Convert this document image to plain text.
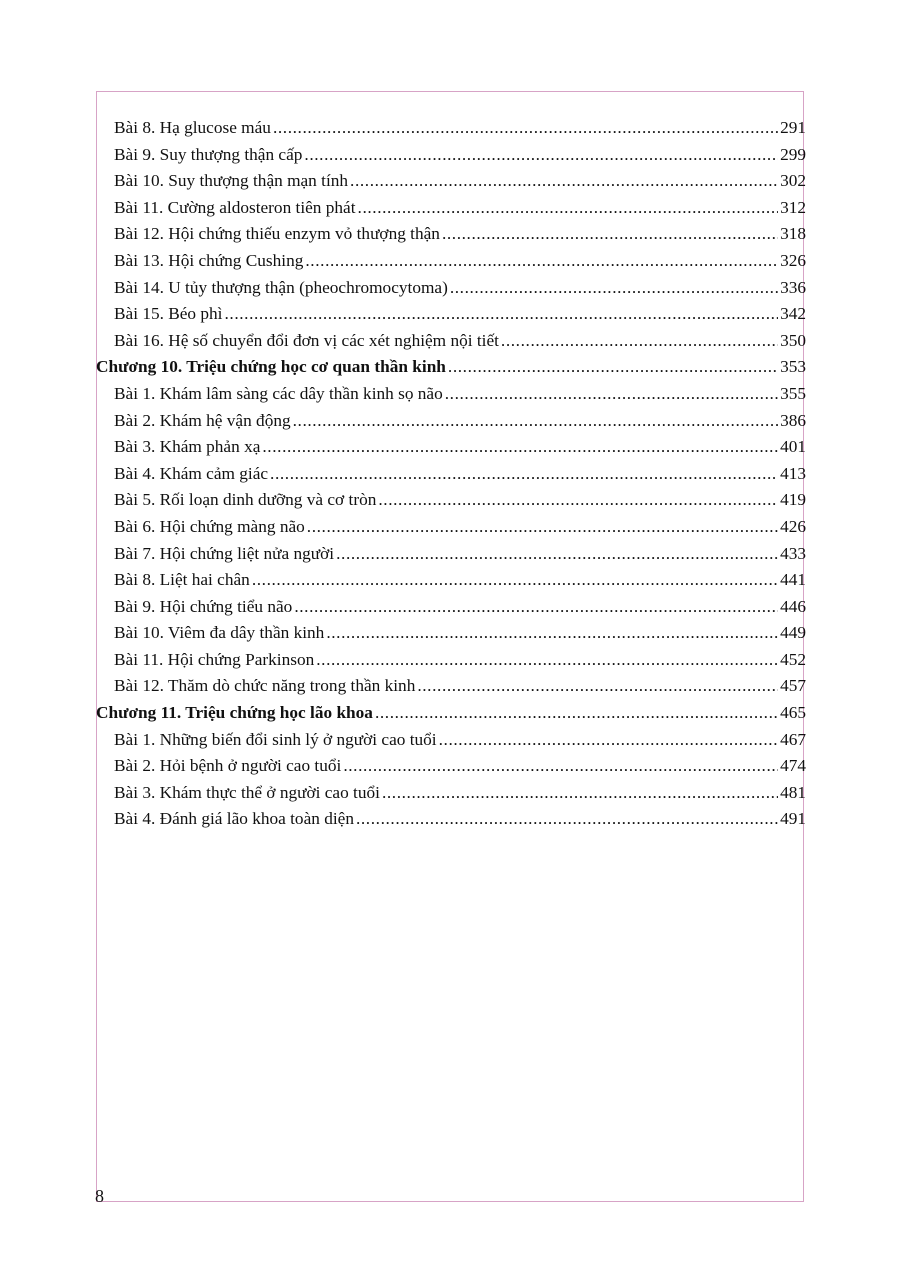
Bài 8. Hạ glucose máu .....	291
Bài 9. Suy thượng thận cấp .....	299
Bài 10. Suy thượng thận mạn tính .....	302
Bài 11. Cường aldosteron tiên phát .....	312
Bài 12. Hội chứng thiếu enzym vỏ thượng thận .....	318
Bài 13. Hội chứng Cushing .....	326
Bài 14. U tủy thượng thận (pheochromocytoma) .....	336
Bài 15. Béo phì .....	342
Bài 16. Hệ số chuyển đổi đơn vị các xét nghiệm nội tiết .....	350
Chương 10. Triệu chứng học cơ quan thần kinh .....	353
Bài 1. Khám lâm sàng các dây thần kinh sọ não .....	355
Bài 2. Khám hệ vận động .....	386
Bài 3. Khám phản xạ .....	401
Bài 4. Khám cảm giác .....	413
Bài 5. Rối loạn dinh dưỡng và cơ tròn .....	419
Bài 6. Hội chứng màng não .....	426
Bài 7. Hội chứng liệt nửa người .....	433
Bài 8. Liệt hai chân .....	441
Bài 9. Hội chứng tiểu não .....	446
Bài 10. Viêm đa dây thần kinh .....	449
Bài 11. Hội chứng Parkinson .....	452
Bài 12. Thăm dò chức năng trong thần kinh .....	457
Chương 11. Triệu chứng học lão khoa .....	465
Bài 1. Những biến đổi sinh lý ở người cao tuổi .....	467
Bài 2. Hỏi bệnh ở người cao tuổi .....	474
Bài 3. Khám thực thể ở người cao tuổi .....	481
Bài 4. Đánh giá lão khoa toàn diện .....	491
8
